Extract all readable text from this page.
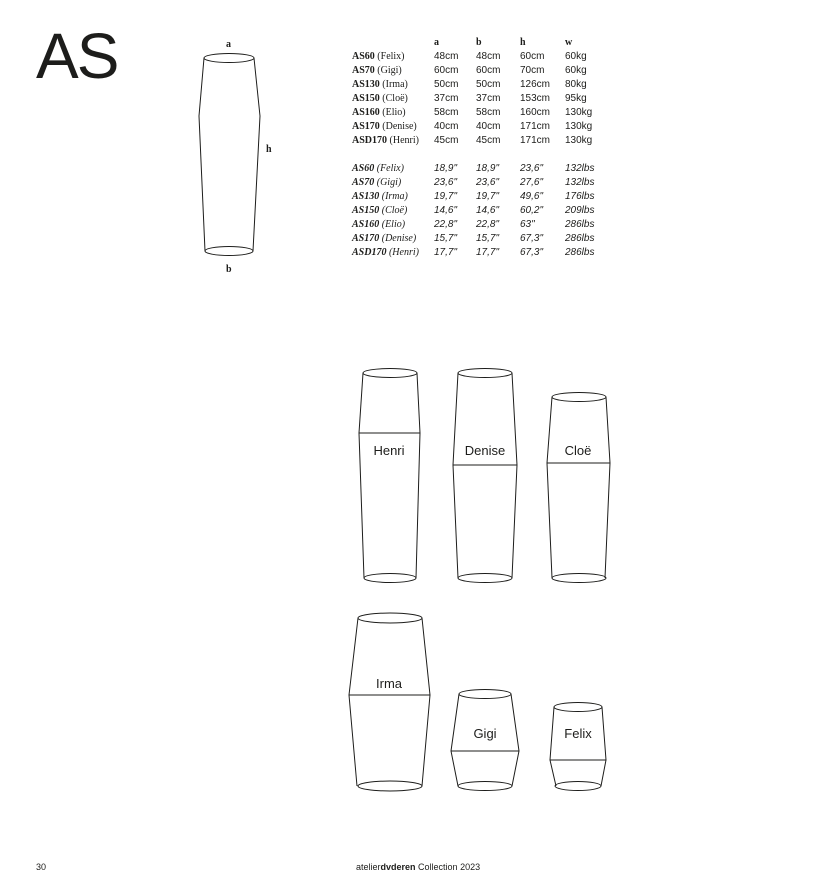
AS	a
h
b
a	b	h	w
AS60 (Felix)	48cm 48cm 60cm 60kg
AS70 (Gigi)	60cm 60cm 70cm 60kg
AS130 (Irma)	50cm 50cm 126cm 80kg
AS150 (Cloë)	37cm 37cm 153cm 95kg
AS160 (Elio)	58cm 58cm 160cm 130kg
AS170 (Denise) 40cm 40cm 171cm 130kg
ASD170 (Henri) 45cm 45cm 171cm 130kg
AS60 (Felix)	18,9" 18,9" 23,6" 132lbs
AS70 (Gigi)	23,6" 23,6" 27,6" 132lbs
AS130 (Irma)	19,7" 19,7" 49,6" 176lbs
AS150 (Cloë)	14,6" 14,6" 60,2" 209lbs
AS160 (Elio)	22,8" 22,8" 63"	286lbs
AS170 (Denise) 15,7" 15,7" 67,3" 286lbs
ASD170 (Henri) 17,7" 17,7" 67,3" 286lbs
Henri	Denise	Cloë
Irma
Gigi	Felix
30	atelierdvderen Collection 2023
